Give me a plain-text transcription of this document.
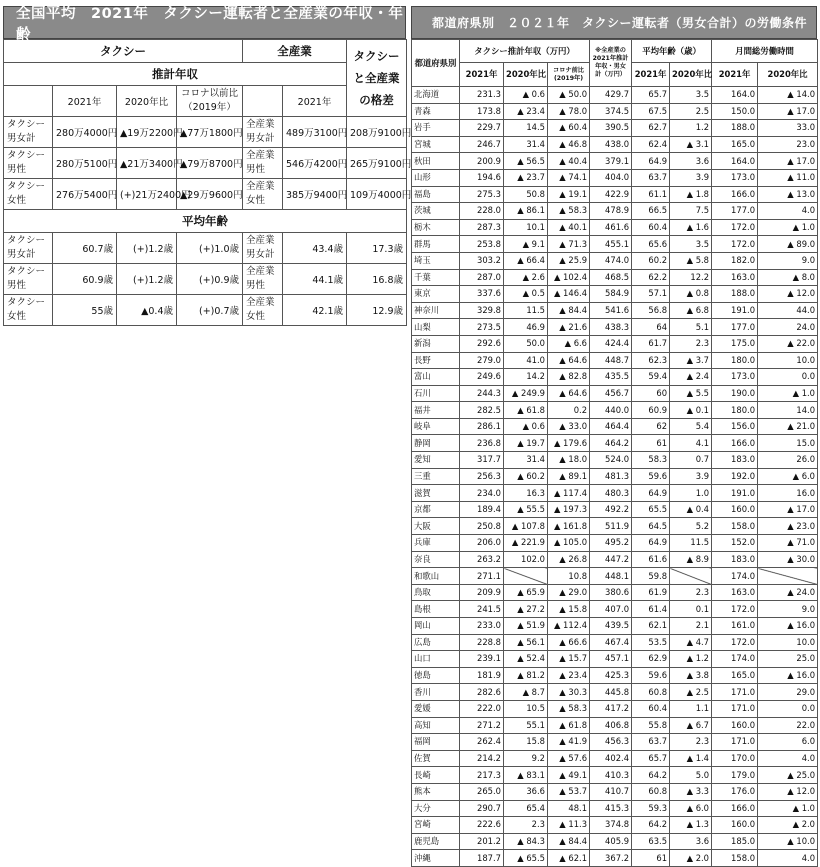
全国平均　2021年　タクシー運転者と全産業の年収・年齢
タクシー				全産業		タクシーと全産業の格差
推計年収						
	2021年	2020年比	コロナ以前比（2019年）		2021年	
タクシー男女計	280万4000円	▲19万2200円	▲77万1800円	全産業男女計	489万3100円	208万9100円
タクシー男性	280万5100円	▲21万3400円	▲79万8700円	全産業男性	546万4200円	265万9100円
タクシー女性	276万5400円	(+)21万2400円	▲29万9600円	全産業女性	385万9400円	109万4000円
平均年齢						
タクシー男女計	60.7歳	(+)1.2歳	(+)1.0歳	全産業男女計	43.4歳	17.3歳
タクシー男性	60.9歳	(+)1.2歳	(+)0.9歳	全産業男性	44.1歳	16.8歳
タクシー女性	55歳	▲0.4歳	(+)0.7歳	全産業女性	42.1歳	12.9歳
都道府県別　２０２１年　タクシー運転者（男女合計）の労働条件
都道府県別	タクシー推計年収（万円）			※全産業の2021年推計年収・男女計（万円）	平均年齢（歳）		月間総労働時間	
	2021年	2020年比	コロナ前比(2019年)		2021年	2020年比	2021年	2020年比
北海道	231.3	▲ 0.6	▲ 50.0	429.7	65.7	3.5	164.0	▲ 14.0
青森	173.8	▲ 23.4	▲ 78.0	374.5	67.5	2.5	150.0	▲ 17.0
岩手	229.7	14.5	▲ 60.4	390.5	62.7	1.2	188.0	33.0
宮城	246.7	31.4	▲ 46.8	438.0	62.4	▲ 3.1	165.0	23.0
秋田	200.9	▲ 56.5	▲ 40.4	379.1	64.9	3.6	164.0	▲ 17.0
山形	194.6	▲ 23.7	▲ 74.1	404.0	63.7	3.9	173.0	▲ 11.0
福島	275.3	50.8	▲ 19.1	422.9	61.1	▲ 1.8	166.0	▲ 13.0
茨城	228.0	▲ 86.1	▲ 58.3	478.9	66.5	7.5	177.0	4.0
栃木	287.3	10.1	▲ 40.1	461.6	60.4	▲ 1.6	172.0	▲ 1.0
群馬	253.8	▲ 9.1	▲ 71.3	455.1	65.6	3.5	172.0	▲ 89.0
埼玉	303.2	▲ 66.4	▲ 25.9	474.0	60.2	▲ 5.8	182.0	9.0
千葉	287.0	▲ 2.6	▲ 102.4	468.5	62.2	12.2	163.0	▲ 8.0
東京	337.6	▲ 0.5	▲ 146.4	584.9	57.1	▲ 0.8	188.0	▲ 12.0
神奈川	329.8	11.5	▲ 84.4	541.6	56.8	▲ 6.8	191.0	44.0
山梨	273.5	46.9	▲ 21.6	438.3	64	5.1	177.0	24.0
新潟	292.6	50.0	▲ 6.6	424.4	61.7	2.3	175.0	▲ 22.0
長野	279.0	41.0	▲ 64.6	448.7	62.3	▲ 3.7	180.0	10.0
富山	249.6	14.2	▲ 82.8	435.5	59.4	▲ 2.4	173.0	0.0
石川	244.3	▲ 249.9	▲ 64.6	456.7	60	▲ 5.5	190.0	▲ 1.0
福井	282.5	▲ 61.8	0.2	440.0	60.9	▲ 0.1	180.0	14.0
岐阜	286.1	▲ 0.6	▲ 33.0	464.4	62	5.4	156.0	▲ 21.0
静岡	236.8	▲ 19.7	▲ 179.6	464.2	61	4.1	166.0	15.0
愛知	317.7	31.4	▲ 18.0	524.0	58.3	0.7	183.0	26.0
三重	256.3	▲ 60.2	▲ 89.1	481.3	59.6	3.9	192.0	▲ 6.0
滋賀	234.0	16.3	▲ 117.4	480.3	64.9	1.0	191.0	16.0
京都	189.4	▲ 55.5	▲ 197.3	492.2	65.5	▲ 0.4	160.0	▲ 17.0
大阪	250.8	▲ 107.8	▲ 161.8	511.9	64.5	5.2	158.0	▲ 23.0
兵庫	206.0	▲ 221.9	▲ 105.0	495.2	64.9	11.5	152.0	▲ 71.0
奈良	263.2	102.0	▲ 26.8	447.2	61.6	▲ 8.9	183.0	▲ 30.0
和歌山	271.1		10.8	448.1	59.8		174.0	
鳥取	209.9	▲ 65.9	▲ 29.0	380.6	61.9	2.3	163.0	▲ 24.0
島根	241.5	▲ 27.2	▲ 15.8	407.0	61.4	0.1	172.0	9.0
岡山	233.0	▲ 51.9	▲ 112.4	439.5	62.1	2.1	161.0	▲ 16.0
広島	228.8	▲ 56.1	▲ 66.6	467.4	53.5	▲ 4.7	172.0	10.0
山口	239.1	▲ 52.4	▲ 15.7	457.1	62.9	▲ 1.2	174.0	25.0
徳島	181.9	▲ 81.2	▲ 23.4	425.3	59.6	▲ 3.8	165.0	▲ 16.0
香川	282.6	▲ 8.7	▲ 30.3	445.8	60.8	▲ 2.5	171.0	29.0
愛媛	222.0	10.5	▲ 58.3	417.2	60.4	1.1	171.0	0.0
高知	271.2	55.1	▲ 61.8	406.8	55.8	▲ 6.7	160.0	22.0
福岡	262.4	15.8	▲ 41.9	456.3	63.7	2.3	171.0	6.0
佐賀	214.2	9.2	▲ 57.6	402.4	65.7	▲ 1.4	170.0	4.0
長崎	217.3	▲ 83.1	▲ 49.1	410.3	64.2	5.0	179.0	▲ 25.0
熊本	265.0	36.6	▲ 53.7	410.7	60.8	▲ 3.3	176.0	▲ 12.0
大分	290.7	65.4	48.1	415.3	59.3	▲ 6.0	166.0	▲ 1.0
宮崎	222.6	2.3	▲ 11.3	374.8	64.2	▲ 1.3	160.0	▲ 2.0
鹿児島	201.2	▲ 84.3	▲ 84.4	405.9	63.5	3.6	185.0	▲ 10.0
沖縄	187.7	▲ 65.5	▲ 62.1	367.2	61	▲ 2.0	158.0	4.0
